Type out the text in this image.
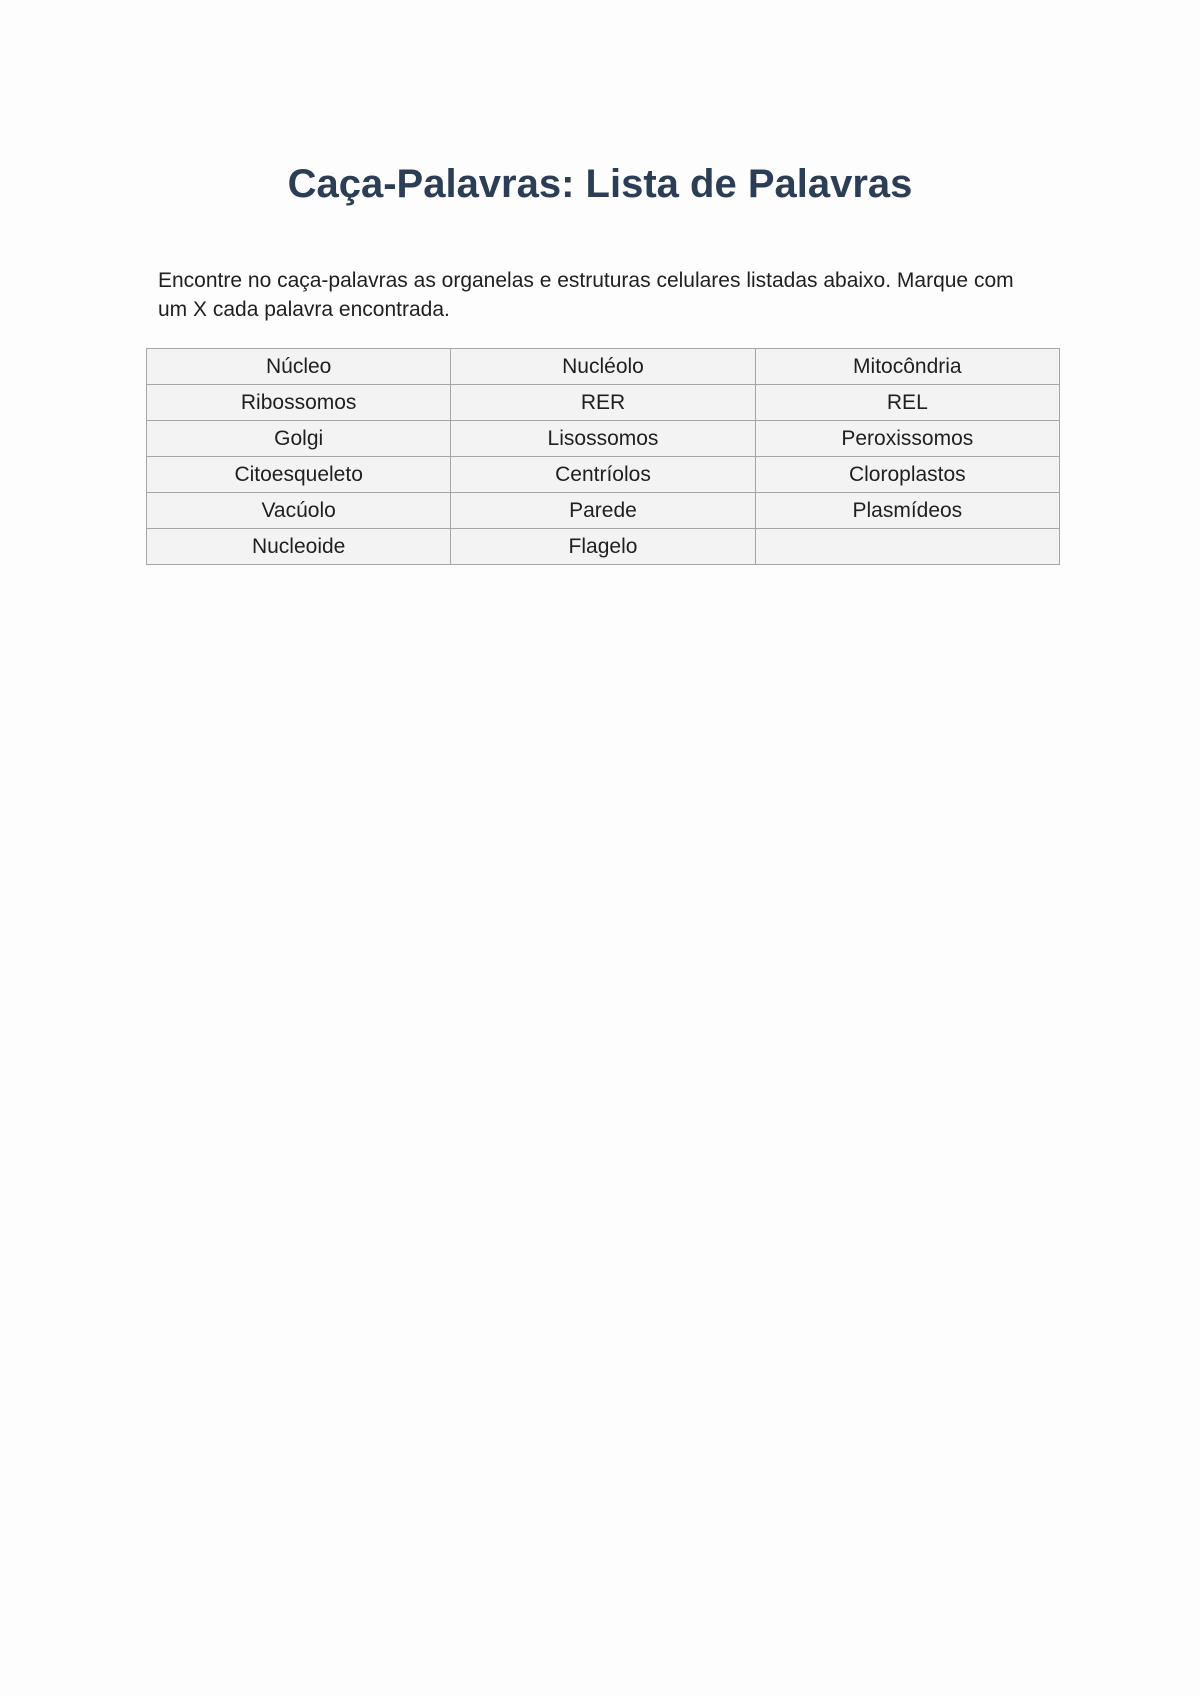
Caça-Palavras: Lista de Palavras

Encontre no caça-palavras as organelas e estruturas celulares listadas abaixo. Marque com um X cada palavra encontrada.

Núcleo	Nucléolo	Mitocôndria
Ribossomos	RER	REL
Golgi	Lisossomos	Peroxissomos
Citoesqueleto	Centríolos	Cloroplastos
Vacúolo	Parede	Plasmídeos
Nucleoide	Flagelo	
